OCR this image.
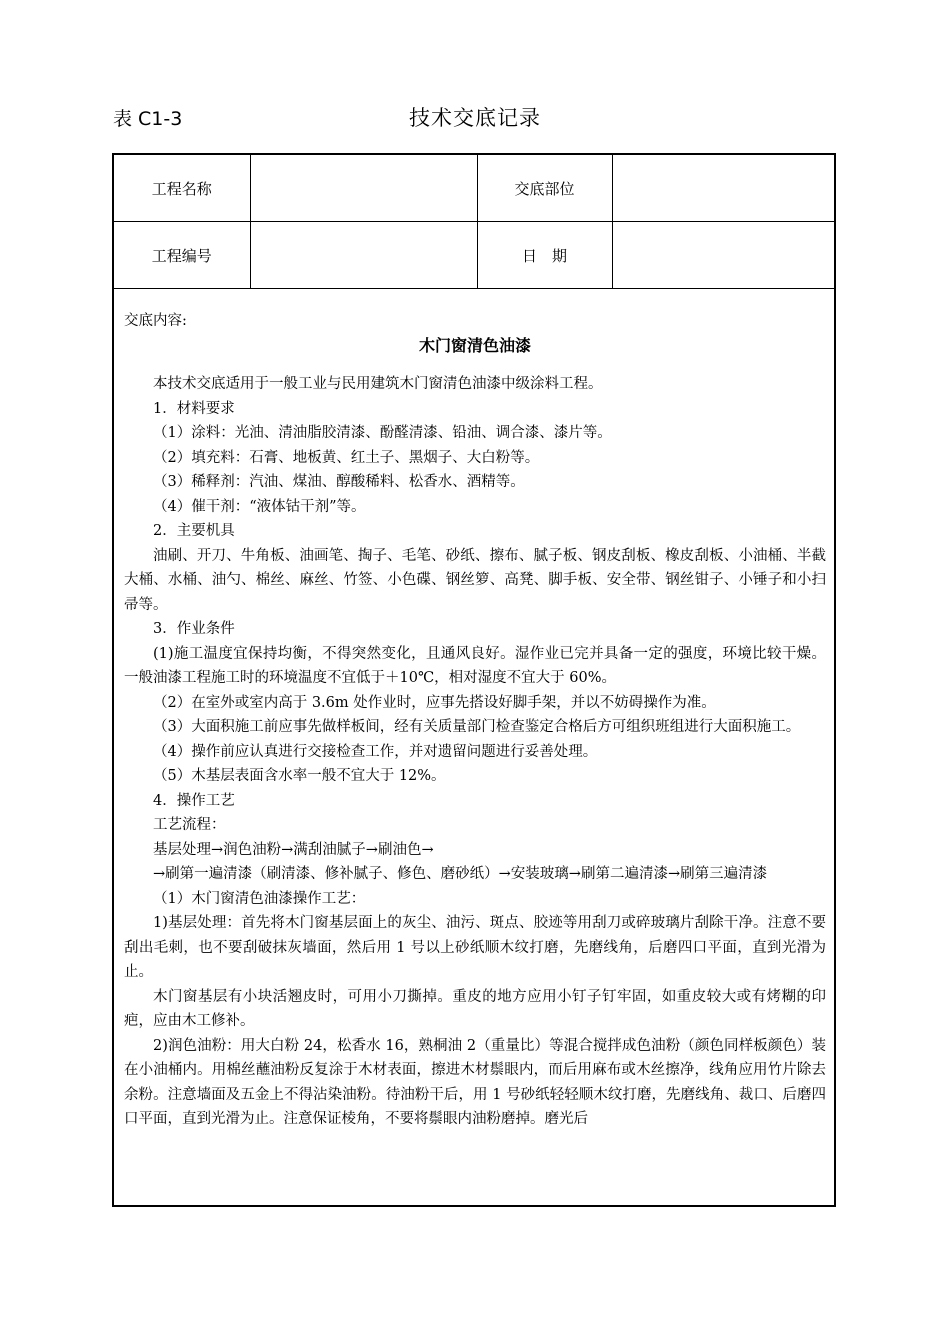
表 C1-3	技术交底记录
工程名称		交底部位	
工程编号		日　期	

交底内容:

木门窗清色油漆

本技术交底适用于一般工业与民用建筑木门窗清色油漆中级涂料工程。

1．材料要求

（1）涂料：光油、清油脂胶清漆、酚醛清漆、铅油、调合漆、漆片等。

（2）填充料：石膏、地板黄、红土子、黑烟子、大白粉等。

（3）稀释剂：汽油、煤油、醇酸稀料、松香水、酒精等。

（4）催干剂：“液体钴干剂”等。

2．主要机具

油刷、开刀、牛角板、油画笔、掏子、毛笔、砂纸、擦布、腻子板、钢皮刮板、橡皮刮板、小油桶、半截大桶、水桶、油勺、棉丝、麻丝、竹签、小色碟、钢丝箩、高凳、脚手板、安全带、钢丝钳子、小锤子和小扫帚等。

3．作业条件

(1)施工温度宜保持均衡，不得突然变化，且通风良好。湿作业已完并具备一定的强度，环境比较干燥。一般油漆工程施工时的环境温度不宜低于＋10℃，相对湿度不宜大于 60%。

（2）在室外或室内高于 3.6m 处作业时，应事先搭设好脚手架，并以不妨碍操作为准。

（3）大面积施工前应事先做样板间，经有关质量部门检查鉴定合格后方可组织班组进行大面积施工。

（4）操作前应认真进行交接检查工作，并对遗留问题进行妥善处理。

（5）木基层表面含水率一般不宜大于 12%。

4．操作工艺

工艺流程：

基层处理→润色油粉→满刮油腻子→刷油色→

→刷第一遍清漆（刷清漆、修补腻子、修色、磨砂纸）→安装玻璃→刷第二遍清漆→刷第三遍清漆

（1）木门窗清色油漆操作工艺：

1)基层处理：首先将木门窗基层面上的灰尘、油污、斑点、胶迹等用刮刀或碎玻璃片刮除干净。注意不要刮出毛刺，也不要刮破抹灰墙面，然后用 1 号以上砂纸顺木纹打磨，先磨线角，后磨四口平面，直到光滑为止。

木门窗基层有小块活翘皮时，可用小刀撕掉。重皮的地方应用小钉子钉牢固，如重皮较大或有烤糊的印疤，应由木工修补。

2)润色油粉：用大白粉 24，松香水 16，熟桐油 2（重量比）等混合搅拌成色油粉（颜色同样板颜色）装在小油桶内。用棉丝蘸油粉反复涂于木材表面，擦进木材鬃眼内，而后用麻布或木丝擦净，线角应用竹片除去余粉。注意墙面及五金上不得沾染油粉。待油粉干后，用 1 号砂纸轻轻顺木纹打磨，先磨线角、裁口、后磨四口平面，直到光滑为止。注意保证棱角，不要将鬃眼内油粉磨掉。磨光后
